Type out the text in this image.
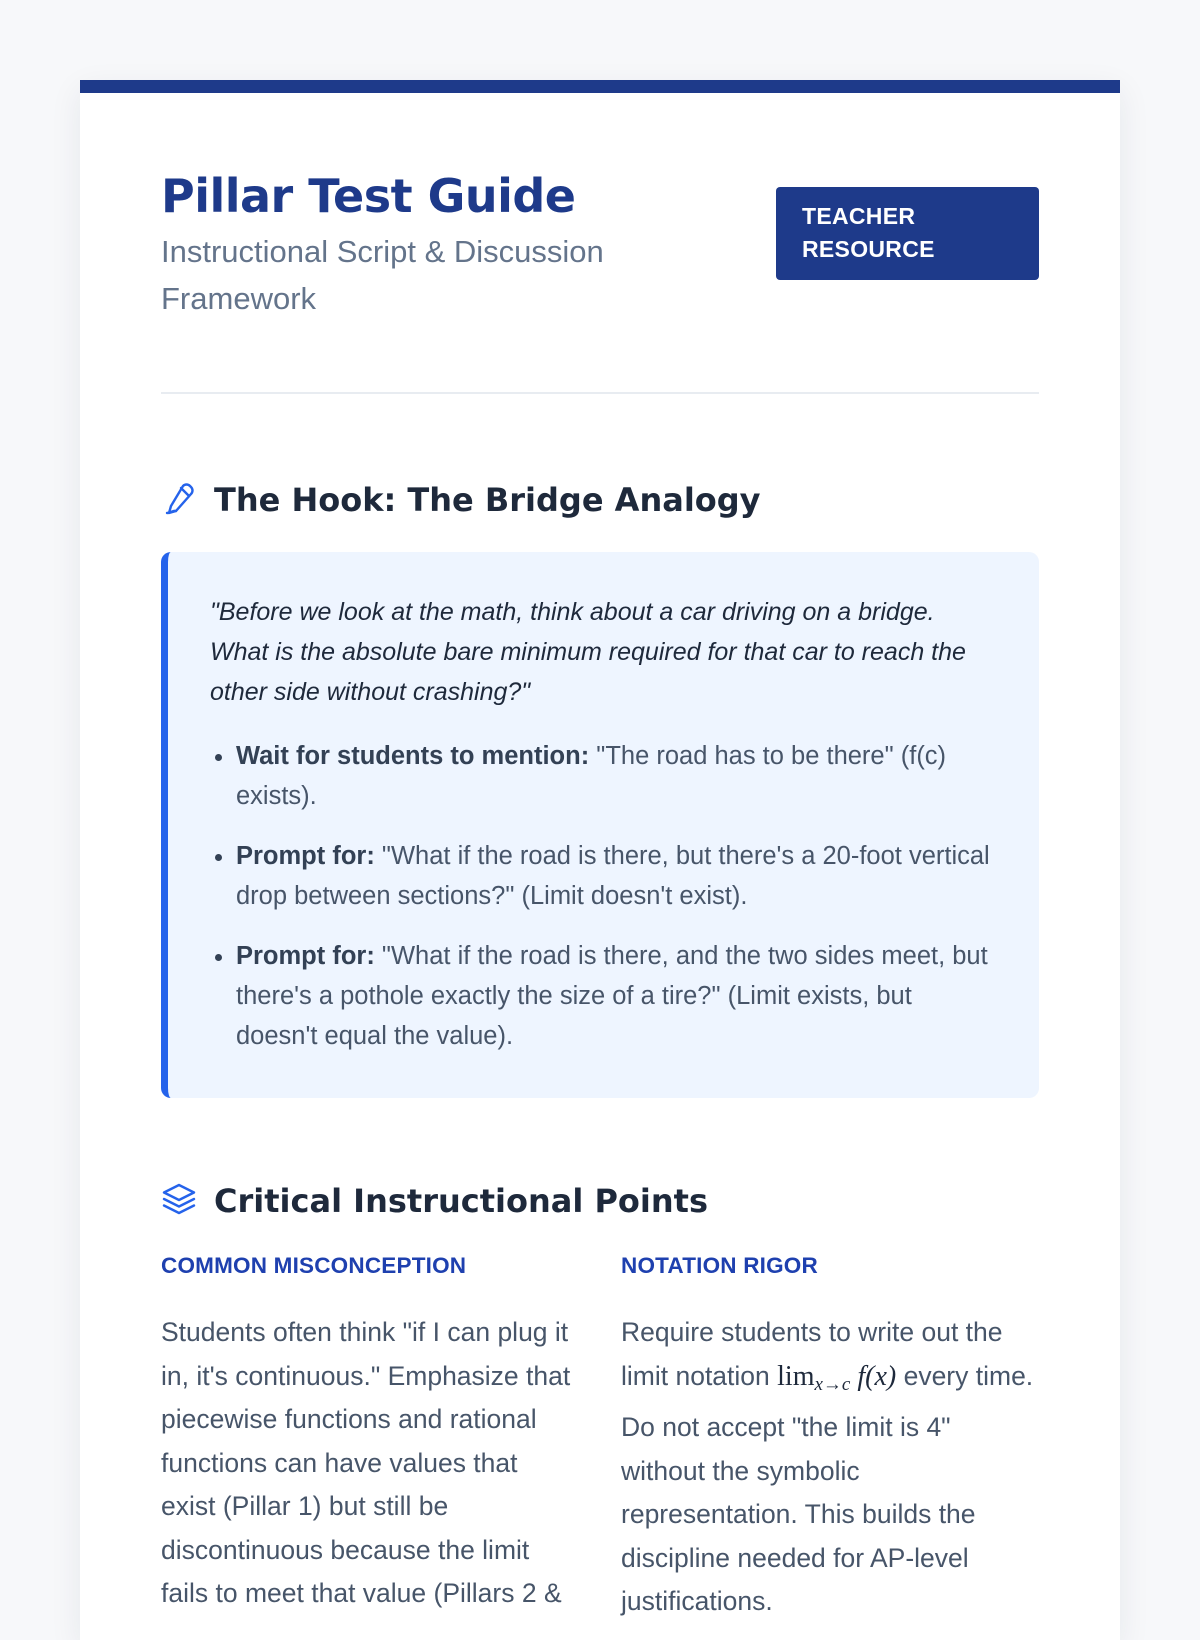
Pillar Test Guide
Instructional Script & Discussion Framework
TEACHER RESOURCE
The Hook: The Bridge Analogy

"Before we look at the math, think about a car driving on a bridge. What is the absolute bare minimum required for that car to reach the other side without crashing?"

• Wait for students to mention: "The road has to be there" (f(c) exists).
• Prompt for: "What if the road is there, but there's a 20-foot vertical drop between sections?" (Limit doesn't exist).
• Prompt for: "What if the road is there, and the two sides meet, but there's a pothole exactly the size of a tire?" (Limit exists, but doesn't equal the value).
Critical Instructional Points
COMMON MISCONCEPTION
Students often think "if I can plug it in, it's continuous." Emphasize that piecewise functions and rational functions can have values that exist (Pillar 1) but still be discontinuous because the limit fails to meet that value (Pillars 2 &
NOTATION RIGOR
Require students to write out the limit notation $\lim_{x\to c} f(x)$ every time. Do not accept "the limit is 4" without the symbolic representation. This builds the discipline needed for AP-level justifications.
